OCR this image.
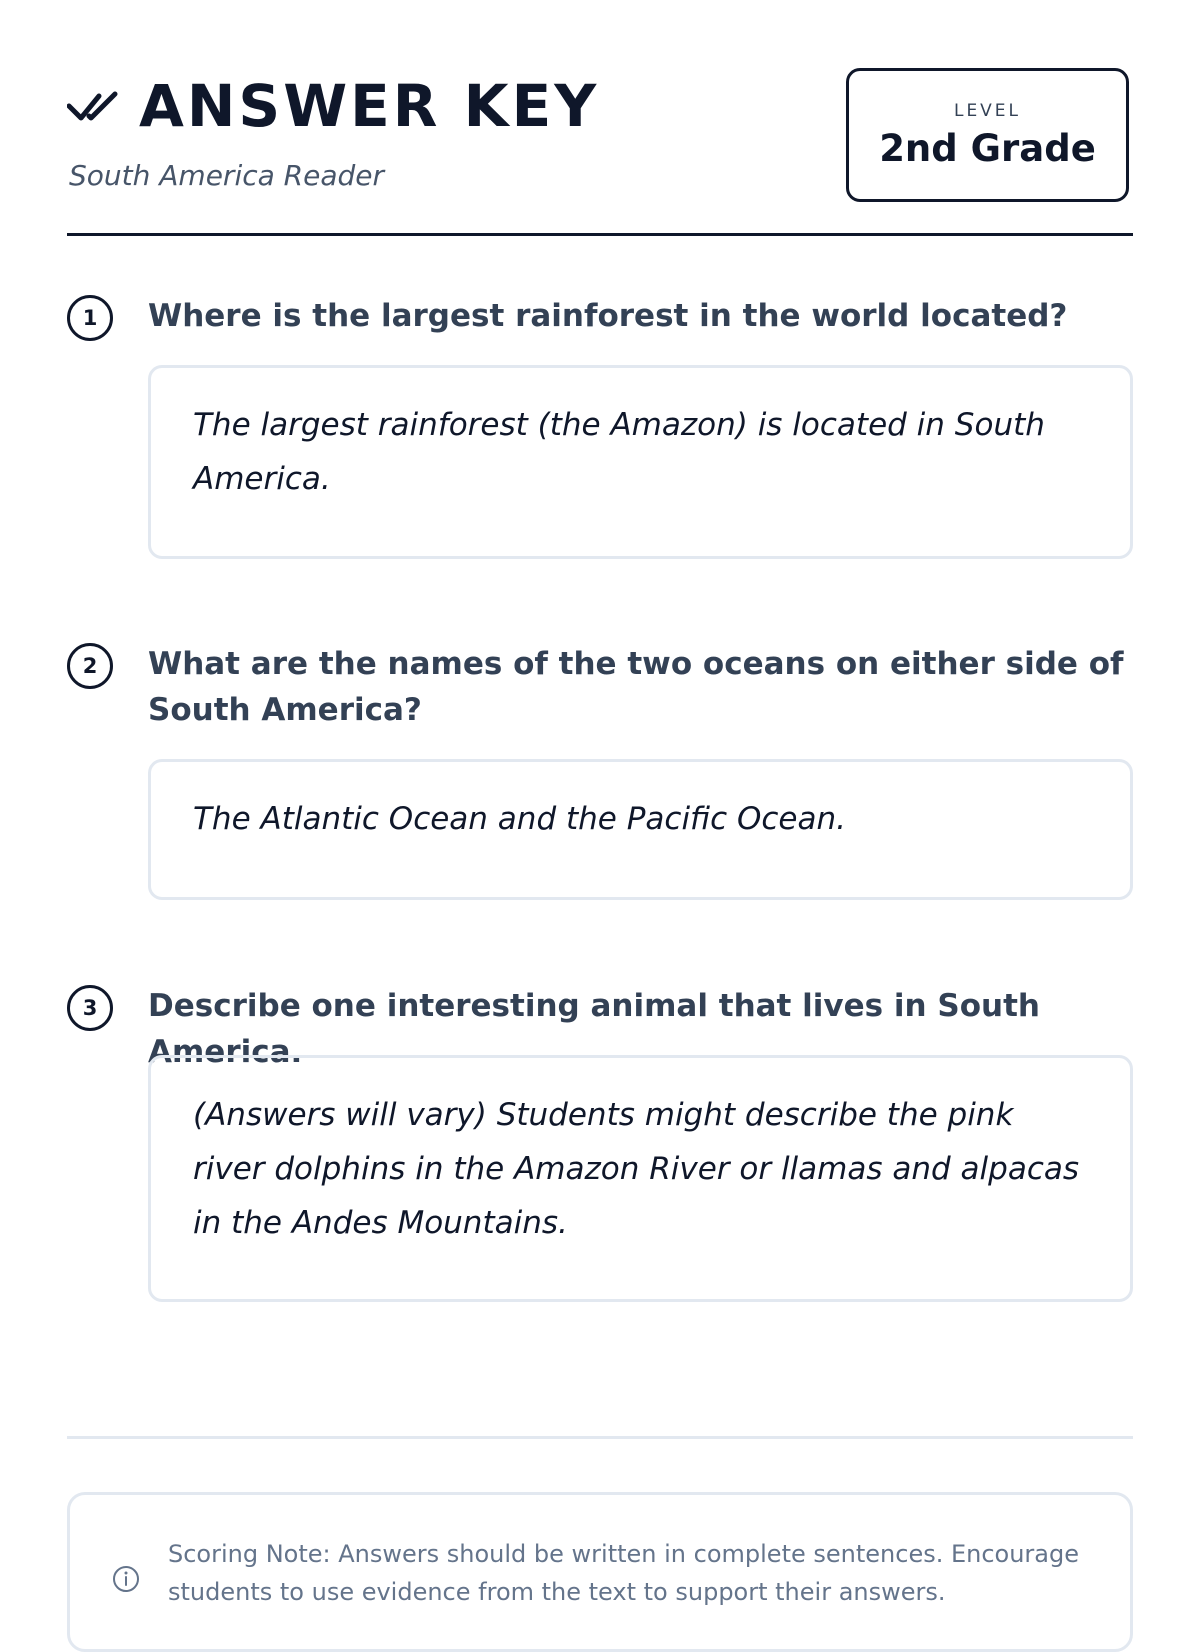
ANSWER KEY
South America Reader
LEVEL
2nd Grade
1	Where is the largest rainforest in the world located?
The largest rainforest (the Amazon) is located in South America.
2	What are the names of the two oceans on either side of South America?
The Atlantic Ocean and the Pacific Ocean.
3	Describe one interesting animal that lives in South America.
(Answers will vary) Students might describe the pink river dolphins in the Amazon River or llamas and alpacas in the Andes Mountains.
Scoring Note: Answers should be written in complete sentences. Encourage students to use evidence from the text to support their answers.
